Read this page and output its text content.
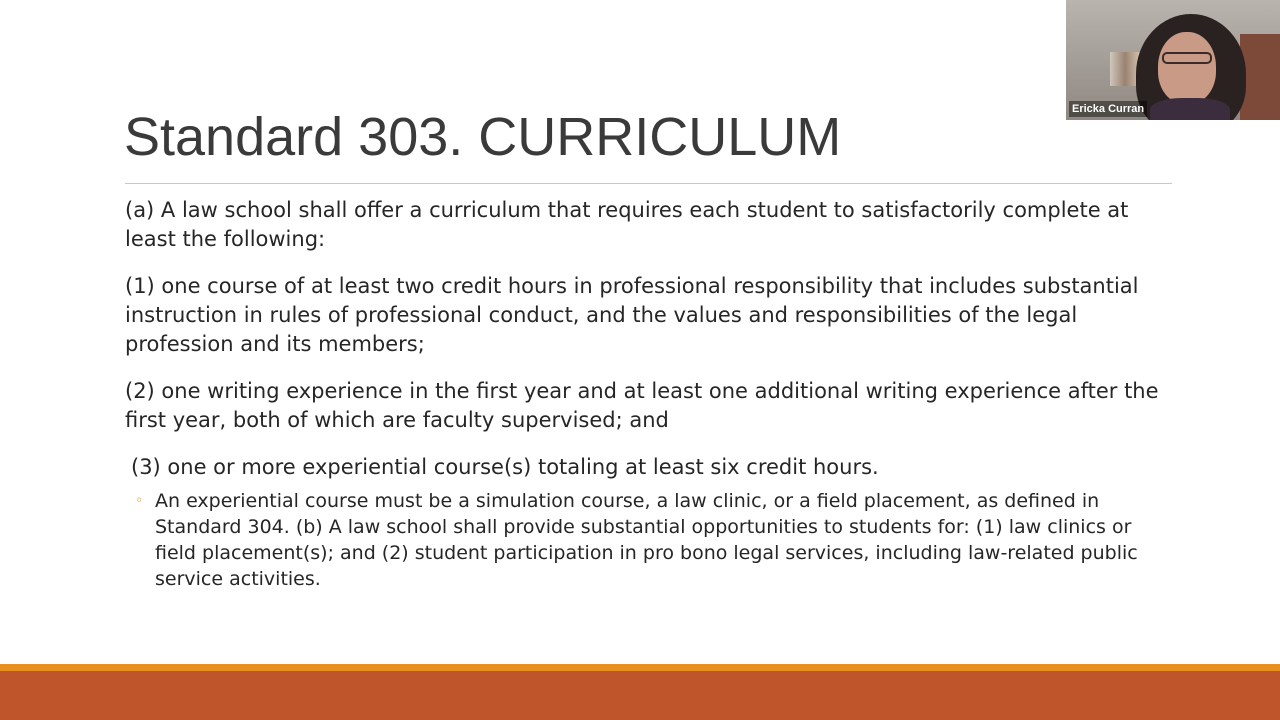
Standard 303. CURRICULUM

(a) A law school shall offer a curriculum that requires each student to satisfactorily complete at least the following:

(1) one course of at least two credit hours in professional responsibility that includes substantial instruction in rules of professional conduct, and the values and responsibilities of the legal profession and its members;

(2) one writing experience in the first year and at least one additional writing experience after the first year, both of which are faculty supervised; and

(3) one or more experiential course(s) totaling at least six credit hours.

◦ An experiential course must be a simulation course, a law clinic, or a field placement, as defined in Standard 304. (b) A law school shall provide substantial opportunities to students for: (1) law clinics or field placement(s); and (2) student participation in pro bono legal services, including law-related public service activities.
Ericka Curran
